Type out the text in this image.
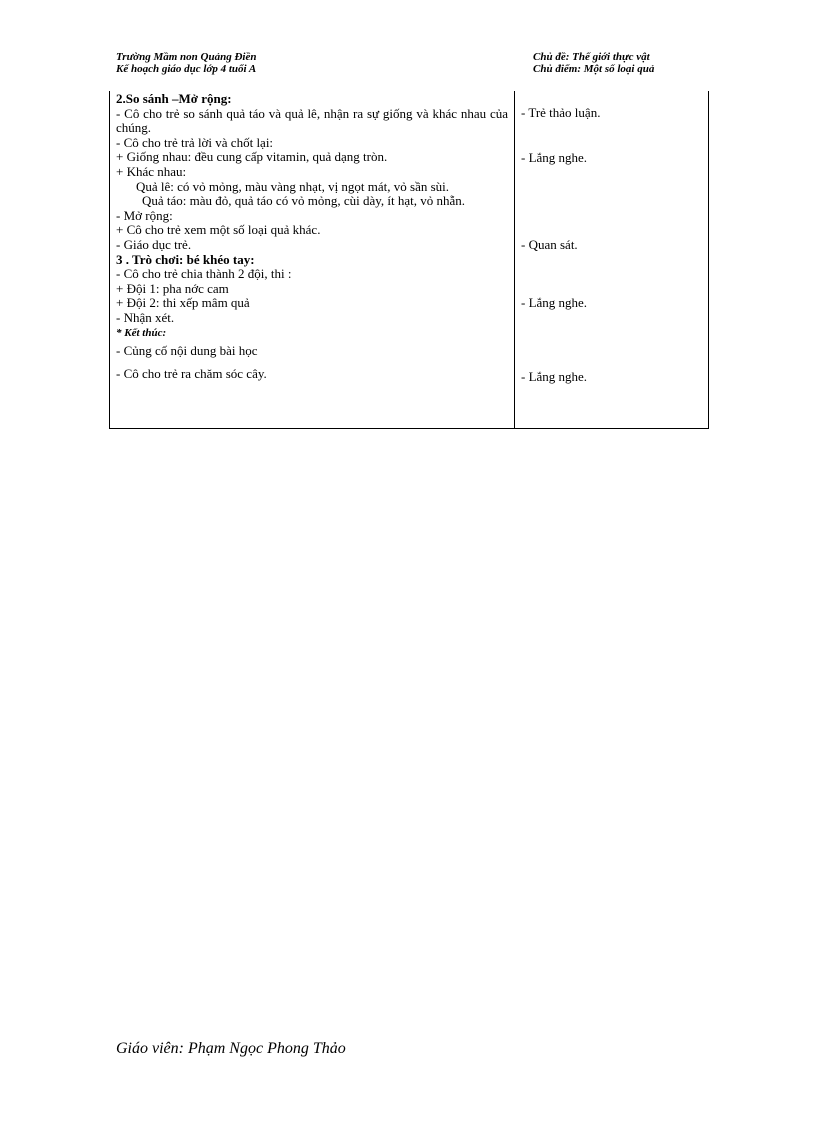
Trường Mầm non Quảng Điền
Kế hoạch giáo dục lớp 4 tuổi A
Chủ đề: Thế giới thực vật
Chủ điểm: Một số loại quả
2.So sánh –Mở rộng:
- Cô cho trẻ so sánh quả táo và quả lê, nhận ra sự giống và khác nhau của chúng.
- Cô cho trẻ trả lời và chốt lại:
+ Giống nhau: đều cung cấp vitamin, quả dạng tròn.
+ Khác nhau:
Quả lê: có vỏ mỏng, màu vàng nhạt, vị ngọt mát, vỏ sần sùi.
Quả táo: màu đỏ, quả táo có vỏ mỏng, cùi dày, ít hạt, vỏ nhẵn.
- Mở rộng:
+ Cô cho trẻ xem một số loại quả khác.
- Giáo dục trẻ.
3 . Trò chơi: bé khéo tay:
- Cô cho trẻ chia thành 2 đội, thi :
+ Đội 1: pha nớc cam
+ Đội 2: thi xếp mâm quả
- Nhận xét.
* Kết thúc:
- Củng cố nội dung bài học
- Cô cho trẻ ra chăm sóc cây.
- Trẻ thảo luận.
- Lắng nghe.
- Quan sát.
- Lắng nghe.
- Lắng nghe.
Giáo viên: Phạm Ngọc Phong Thảo
